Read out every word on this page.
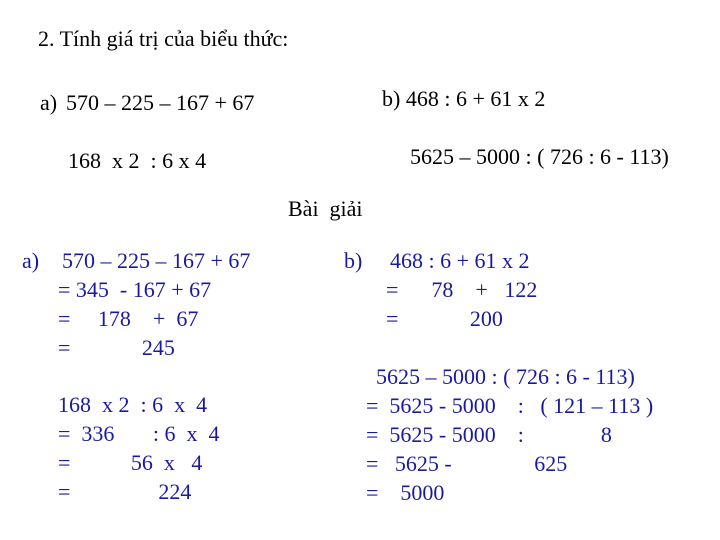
2. Tính giá trị của biểu thức:
a) 570 – 225 – 167 + 67	b) 468 : 6 + 61 x 2
168  x 2  : 6 x 4	5625 – 5000 : ( 726 : 6 - 113)
Bài  giải
a) 570 – 225 – 167 + 67
= 345  - 167 + 67
=     178    +  67
=             245
168  x 2  : 6  x  4
=  336       : 6  x  4
=           56  x   4
=                224
b) 468 : 6 + 61 x 2
=      78    +   122
=             200
5625 – 5000 : ( 726 : 6 - 113)
=  5625 - 5000    :   ( 121 – 113 )
=  5625 - 5000    :              8
=   5625 -               625
=    5000
